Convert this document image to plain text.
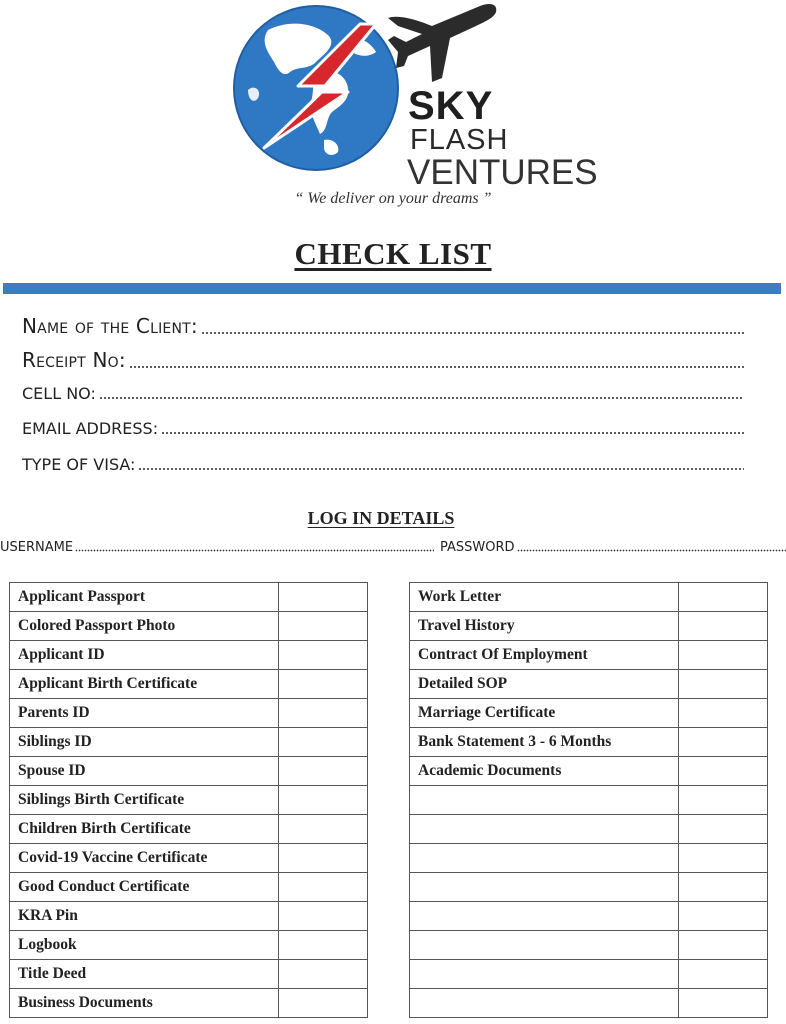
SKY
FLASH
VENTURES
“ We deliver on your dreams ”
CHECK LIST
Name of the Client:
Receipt No:
CELL NO:
EMAIL ADDRESS:
TYPE OF VISA:
LOG IN DETAILS
USERNAME	PASSWORD
Applicant Passport	
Colored Passport Photo	
Applicant ID	
Applicant Birth Certificate	
Parents ID	
Siblings ID	
Spouse ID	
Siblings Birth Certificate	
Children Birth Certificate	
Covid-19 Vaccine Certificate	
Good Conduct Certificate	
KRA Pin	
Logbook	
Title Deed	
Business Documents	
Work Letter	
Travel History	
Contract Of Employment	
Detailed SOP	
Marriage Certificate	
Bank Statement 3 - 6 Months	
Academic Documents	
